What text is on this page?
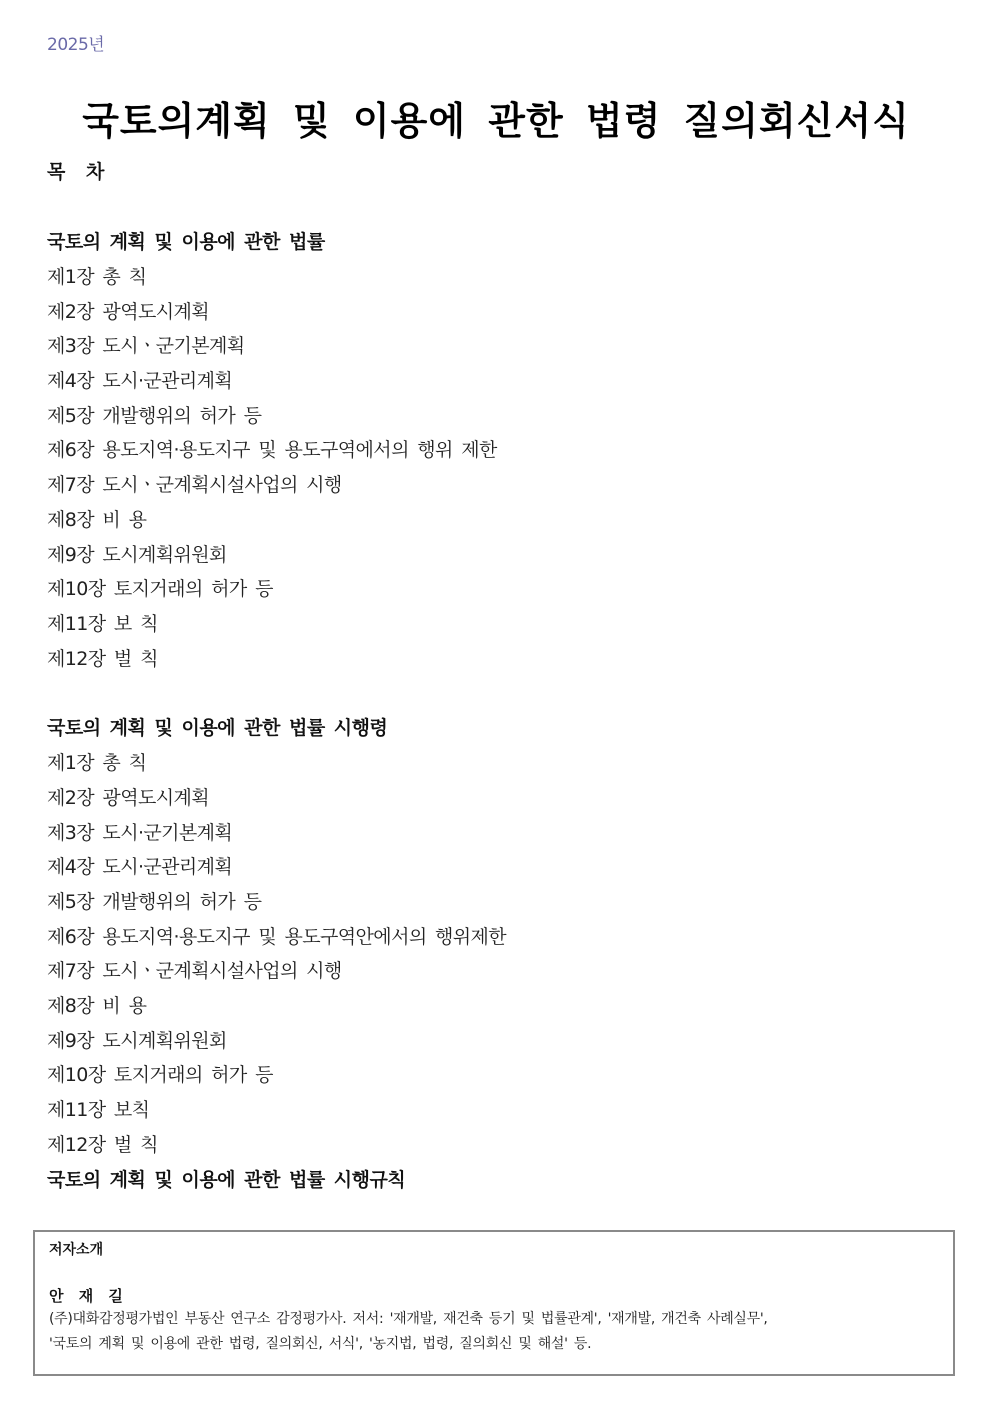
2025년
국토의계획 및 이용에 관한 법령 질의회신서식
목 차
국토의 계획 및 이용에 관한 법률
제1장 총 칙
제2장 광역도시계획
제3장 도시ㆍ군기본계획
제4장 도시·군관리계획
제5장 개발행위의 허가 등
제6장 용도지역·용도지구 및 용도구역에서의 행위 제한
제7장 도시ㆍ군계획시설사업의 시행
제8장 비 용
제9장 도시계획위원회
제10장 토지거래의 허가 등
제11장 보 칙
제12장 벌 칙
국토의 계획 및 이용에 관한 법률 시행령
제1장 총 칙
제2장 광역도시계획
제3장 도시·군기본계획
제4장 도시·군관리계획
제5장 개발행위의 허가 등
제6장 용도지역·용도지구 및 용도구역안에서의 행위제한
제7장 도시ㆍ군계획시설사업의 시행
제8장 비 용
제9장 도시계획위원회
제10장 토지거래의 허가 등
제11장 보칙
제12장 벌 칙
국토의 계획 및 이용에 관한 법률 시행규칙
저자소개
안 재 길
(주)대화감정평가법인 부동산 연구소 감정평가사. 저서: '재개발, 재건축 등기 및 법률관계', '재개발, 개건축 사례실무',
'국토의 계획 및 이용에 관한 법령, 질의회신, 서식', '농지법, 법령, 질의회신 및 해설' 등.
